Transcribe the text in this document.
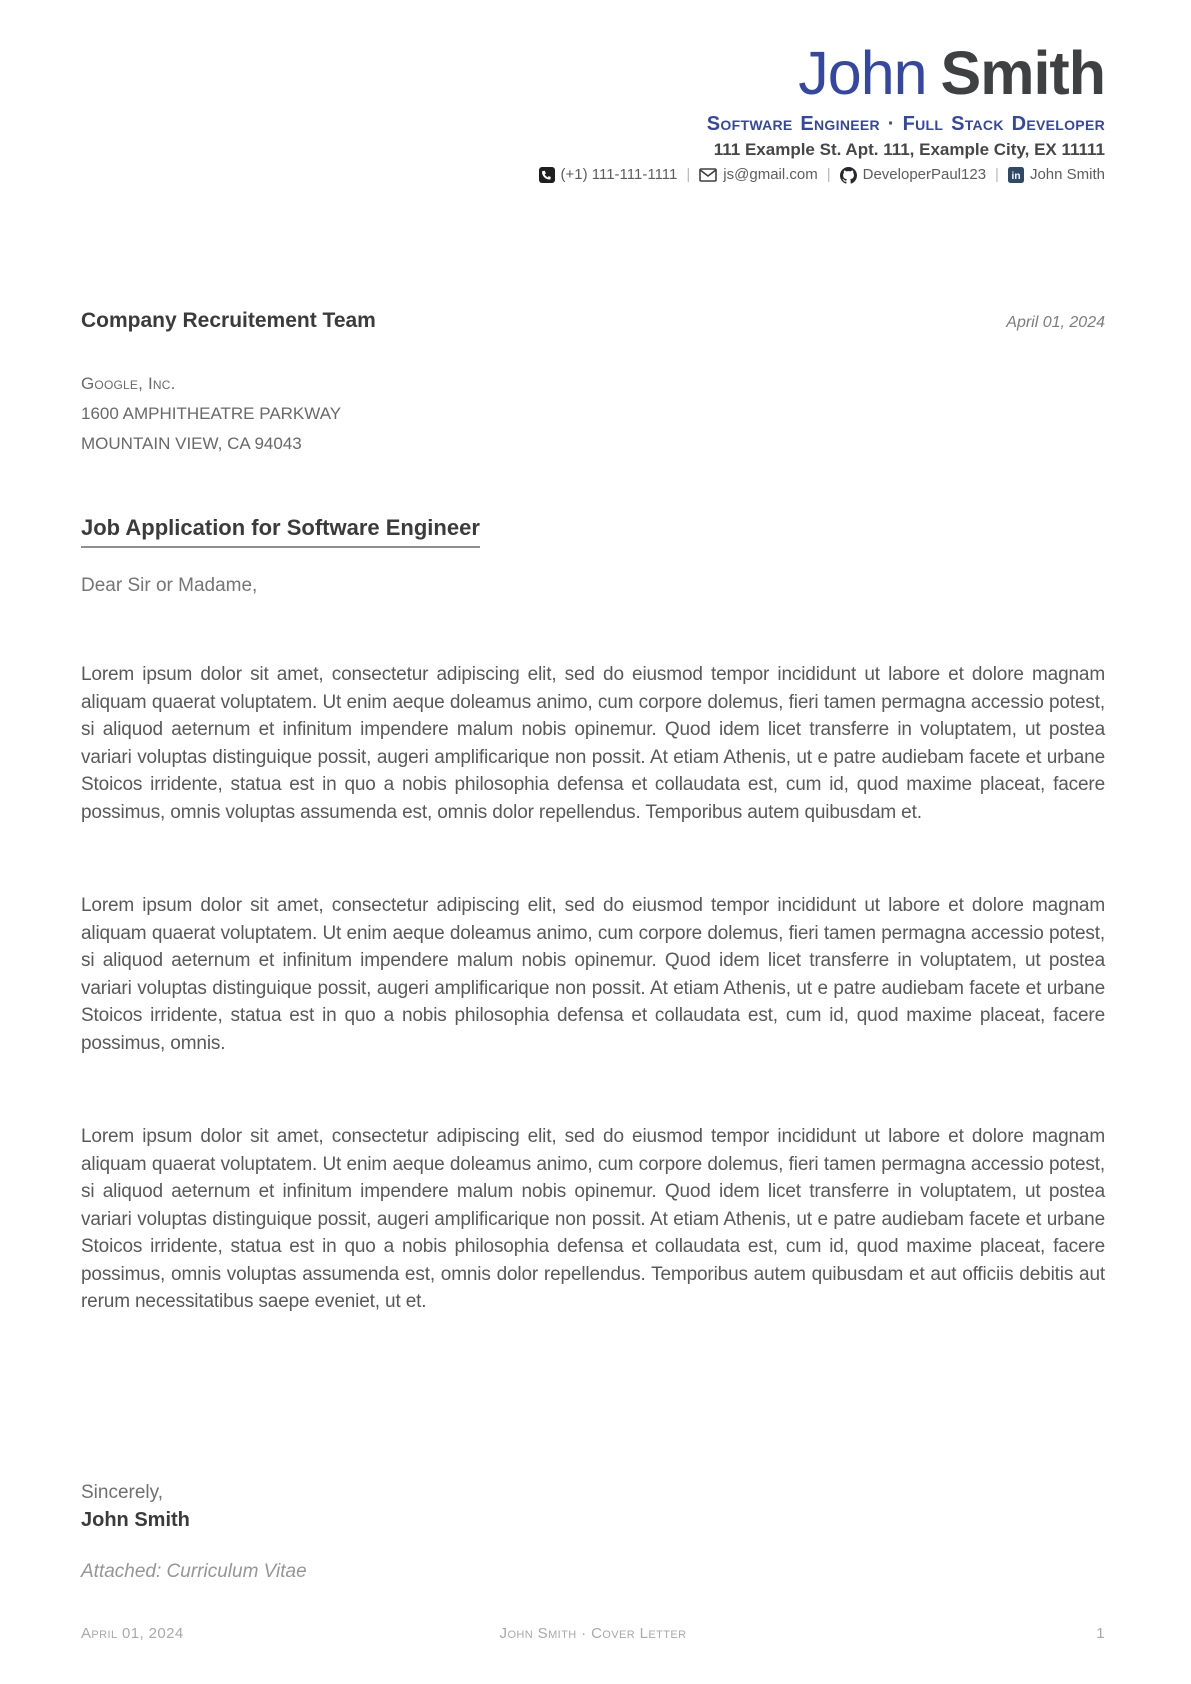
John Smith
Software Engineer · Full Stack Developer
111 Example St. Apt. 111, Example City, EX 11111
(+1) 111-111-1111 | js@gmail.com | DeveloperPaul123 | in John Smith
Company Recruitement Team	April 01, 2024
Google, Inc.
1600 AMPHITHEATRE PARKWAY
MOUNTAIN VIEW, CA 94043
Job Application for Software Engineer
Dear Sir or Madame,

Lorem ipsum dolor sit amet, consectetur adipiscing elit, sed do eiusmod tempor incididunt ut labore et dolore magnam aliquam quaerat voluptatem. Ut enim aeque doleamus animo, cum corpore dolemus, fieri tamen permagna accessio potest, si aliquod aeternum et infinitum impendere malum nobis opinemur. Quod idem licet transferre in voluptatem, ut postea variari voluptas distinguique possit, augeri amplificarique non possit. At etiam Athenis, ut e patre audiebam facete et urbane Stoicos irridente, statua est in quo a nobis philosophia defensa et collaudata est, cum id, quod maxime placeat, facere possimus, omnis voluptas assumenda est, omnis dolor repellendus. Temporibus autem quibusdam et.

Lorem ipsum dolor sit amet, consectetur adipiscing elit, sed do eiusmod tempor incididunt ut labore et dolore magnam aliquam quaerat voluptatem. Ut enim aeque doleamus animo, cum corpore dolemus, fieri tamen permagna accessio potest, si aliquod aeternum et infinitum impendere malum nobis opinemur. Quod idem licet transferre in voluptatem, ut postea variari voluptas distinguique possit, augeri amplificarique non possit. At etiam Athenis, ut e patre audiebam facete et urbane Stoicos irridente, statua est in quo a nobis philosophia defensa et collaudata est, cum id, quod maxime placeat, facere possimus, omnis.

Lorem ipsum dolor sit amet, consectetur adipiscing elit, sed do eiusmod tempor incididunt ut labore et dolore magnam aliquam quaerat voluptatem. Ut enim aeque doleamus animo, cum corpore dolemus, fieri tamen permagna accessio potest, si aliquod aeternum et infinitum impendere malum nobis opinemur. Quod idem licet transferre in voluptatem, ut postea variari voluptas distinguique possit, augeri amplificarique non possit. At etiam Athenis, ut e patre audiebam facete et urbane Stoicos irridente, statua est in quo a nobis philosophia defensa et collaudata est, cum id, quod maxime placeat, facere possimus, omnis voluptas assumenda est, omnis dolor repellendus. Temporibus autem quibusdam et aut officiis debitis aut rerum necessitatibus saepe eveniet, ut et.

Sincerely,
John Smith
Attached: Curriculum Vitae
April 01, 2024	John Smith · Cover Letter	1
